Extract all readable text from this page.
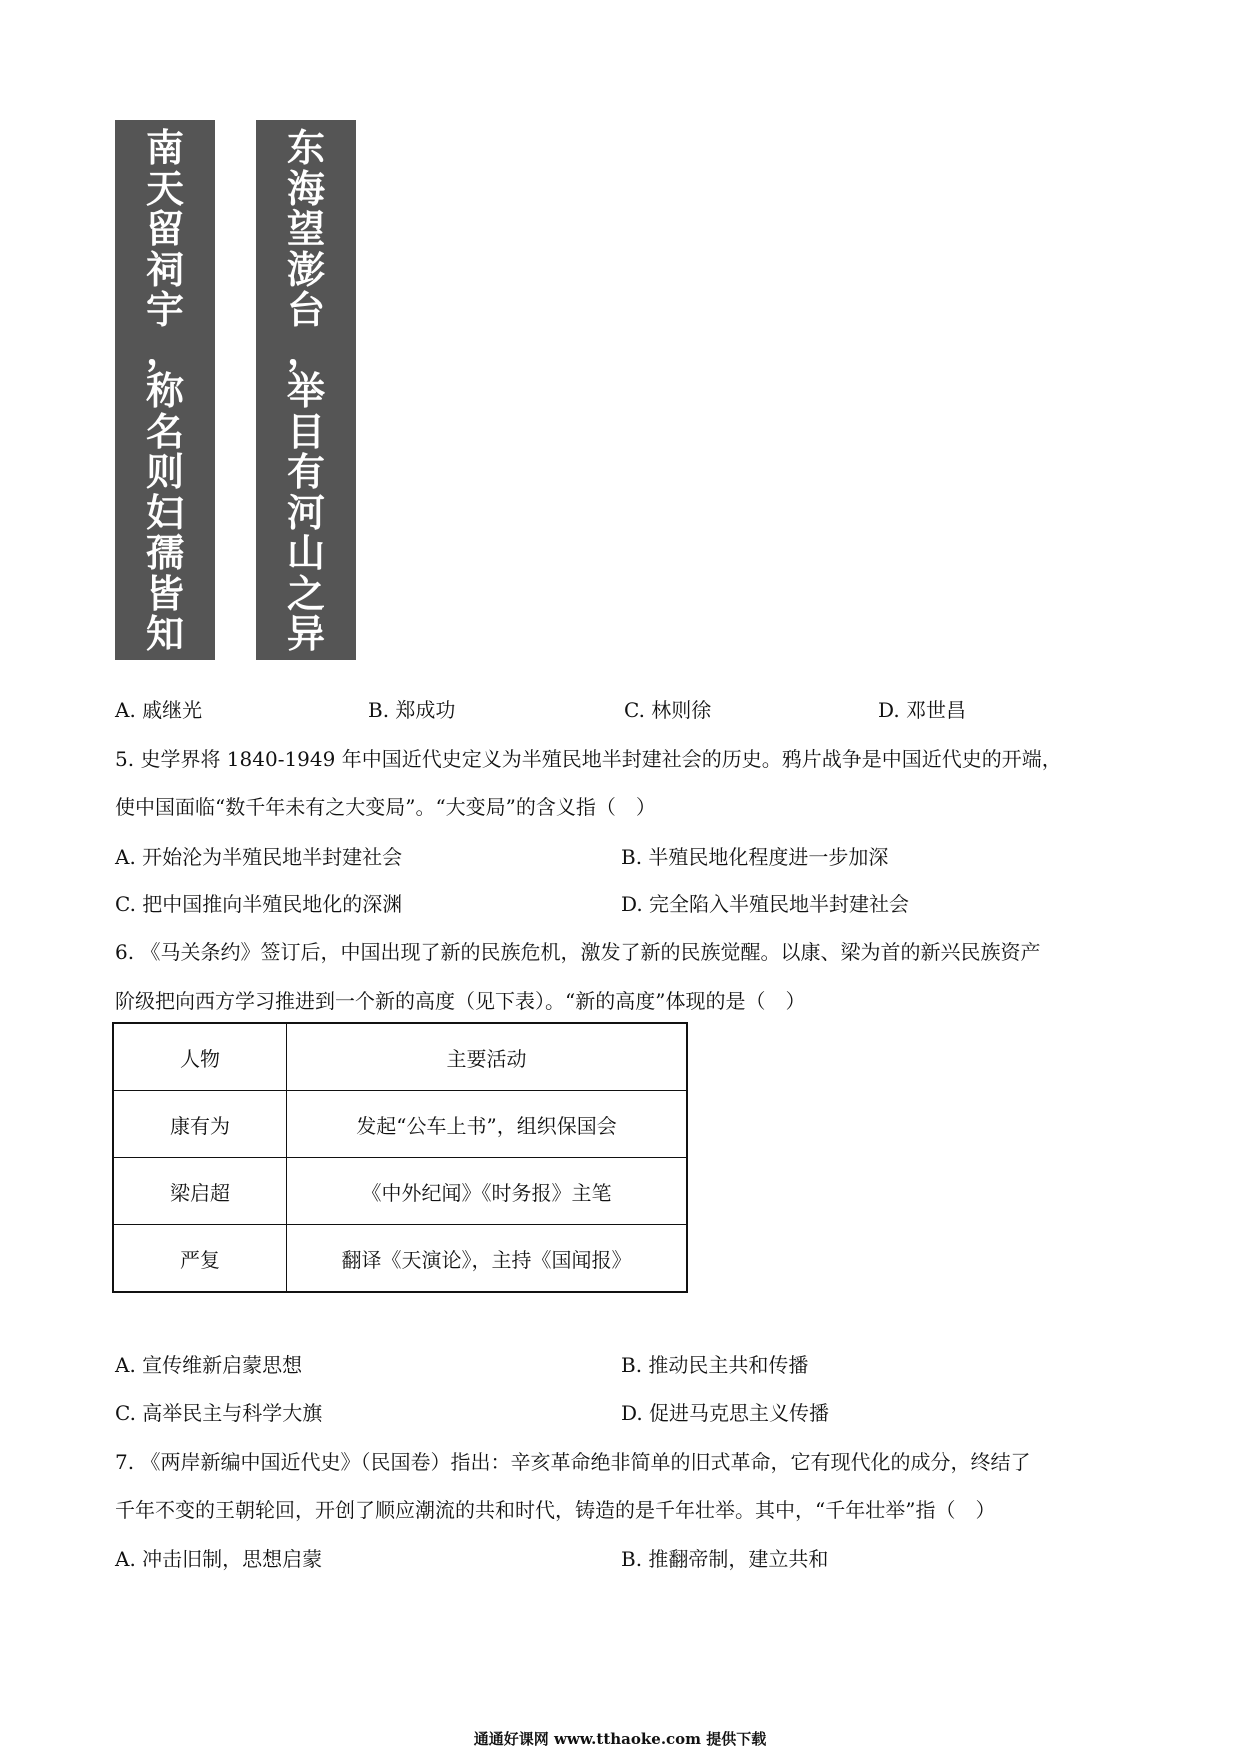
南
天
留
祠
宇
，
称
名
则
妇
孺
皆
知
东
海
望
澎
台
，
举
目
有
河
山
之
异
A. 戚继光	B. 郑成功	C. 林则徐	D. 邓世昌
5. 史学界将 1840-1949 年中国近代史定义为半殖民地半封建社会的历史。鸦片战争是中国近代史的开端，
使中国面临“数千年未有之大变局”。“大变局”的含义指（　）
A. 开始沦为半殖民地半封建社会	B. 半殖民地化程度进一步加深
C. 把中国推向半殖民地化的深渊	D. 完全陷入半殖民地半封建社会
6. 《马关条约》签订后，中国出现了新的民族危机，激发了新的民族觉醒。以康、梁为首的新兴民族资产
阶级把向西方学习推进到一个新的高度（见下表）。“新的高度”体现的是（　）
人物	主要活动
康有为	发起“公车上书”，组织保国会
梁启超	《中外纪闻》《时务报》主笔
严复	翻译《天演论》，主持《国闻报》
A. 宣传维新启蒙思想	B. 推动民主共和传播
C. 高举民主与科学大旗	D. 促进马克思主义传播
7. 《两岸新编中国近代史》（民国卷）指出：辛亥革命绝非简单的旧式革命，它有现代化的成分，终结了
千年不变的王朝轮回，开创了顺应潮流的共和时代，铸造的是千年壮举。其中，“千年壮举”指（　）
A. 冲击旧制，思想启蒙	B. 推翻帝制，建立共和
通通好课网 www.tthaoke.com 提供下载
